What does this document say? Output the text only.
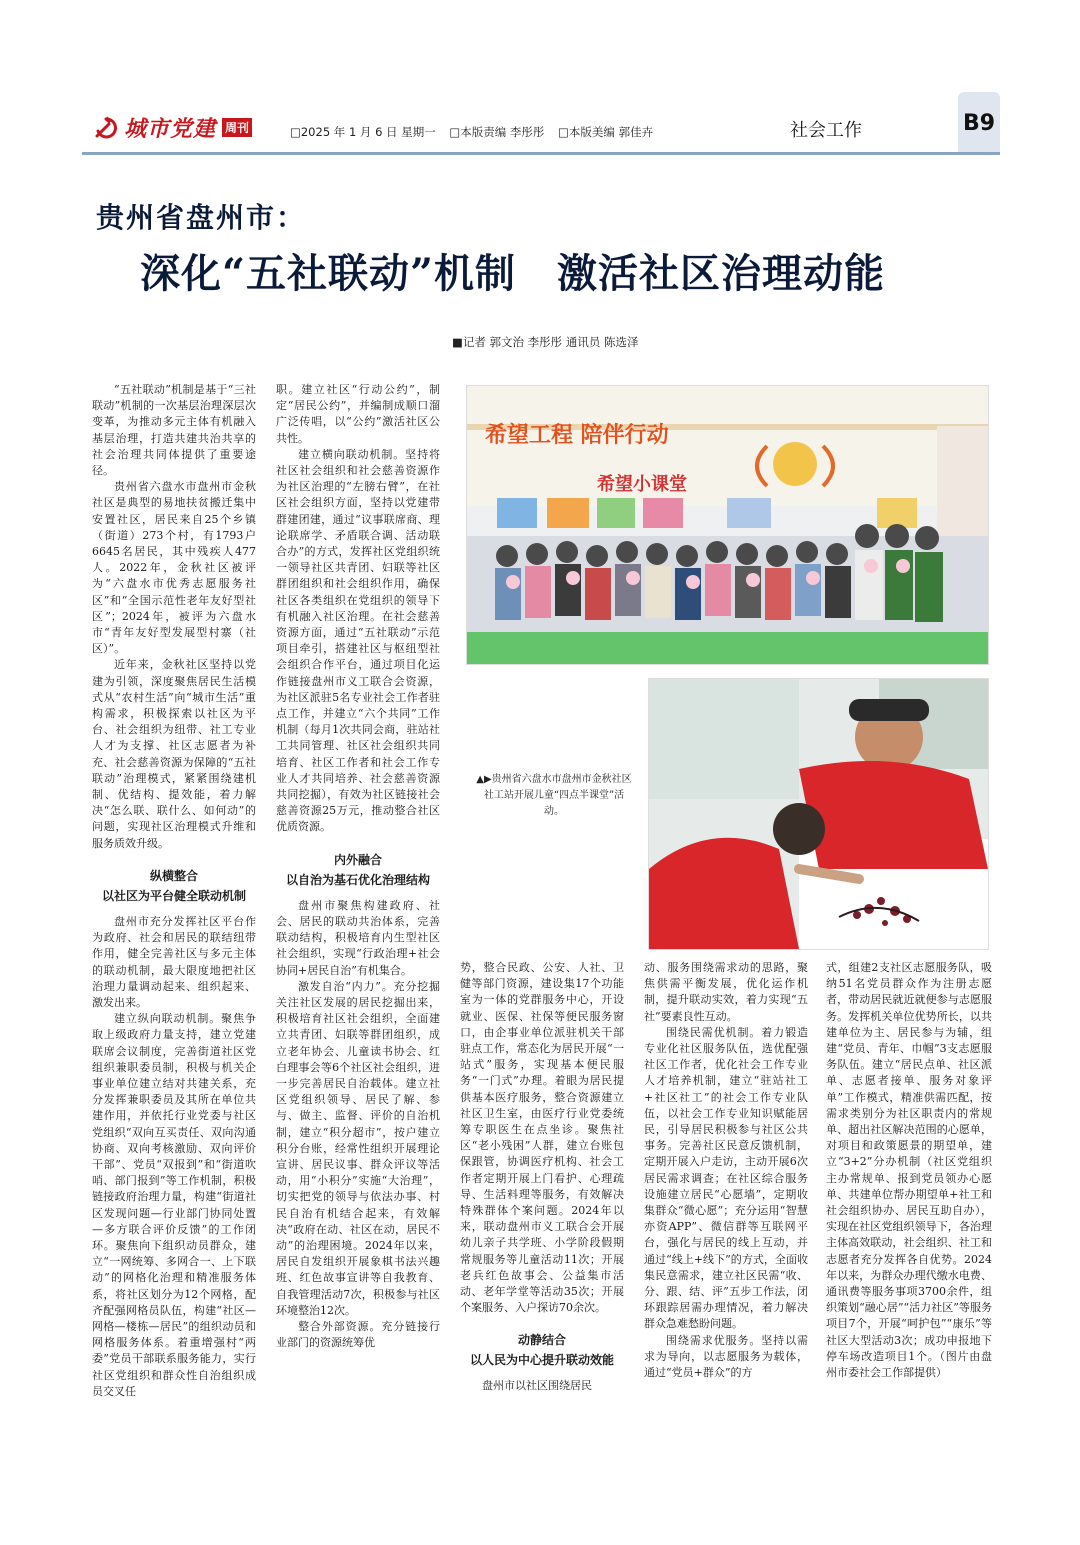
城市党建 周刊	□2025 年 1 月 6 日 星期一 □本版责编 李彤彤 □本版美编 郭佳卉	社会工作	B9
贵州省盘州市：
深化“五社联动”机制　激活社区治理动能
■记者 郭文治 李彤彤 通讯员 陈选泽

“五社联动”机制是基于“三社联动”机制的一次基层治理深层次变革，为推动多元主体有机融入基层治理，打造共建共治共享的社会治理共同体提供了重要途径。

贵州省六盘水市盘州市金秋社区是典型的易地扶贫搬迁集中安置社区，居民来自25个乡镇（街道）273个村，有1793户6645名居民，其中残疾人477人。2022年，金秋社区被评为“六盘水市优秀志愿服务社区”和“全国示范性老年友好型社区”；2024年，被评为六盘水市“青年友好型发展型村寨（社区）”。

近年来，金秋社区坚持以党建为引领，深度聚焦居民生活模式从“农村生活”向“城市生活”重构需求，积极探索以社区为平台、社会组织为纽带、社工专业人才为支撑、社区志愿者为补充、社会慈善资源为保障的“五社联动”治理模式，紧紧围绕建机制、优结构、提效能，着力解决“怎么联、联什么、如何动”的问题，实现社区治理模式升维和服务质效升级。

纵横整合
以社区为平台健全联动机制

盘州市充分发挥社区平台作为政府、社会和居民的联结纽带作用，健全完善社区与多元主体的联动机制，最大限度地把社区治理力量调动起来、组织起来、激发出来。

建立纵向联动机制。聚焦争取上级政府力量支持，建立党建联席会议制度，完善街道社区党组织兼职委员制，积极与机关企事业单位建立结对共建关系，充分发挥兼职委员及其所在单位共建作用，并依托行业党委与社区党组织“双向互买责任、双向沟通协商、双向考核激励、双向评价干部”、党员“双报到”和“街道吹哨、部门报到”等工作机制，积极链接政府治理力量，构建“街道社区发现问题—行业部门协同处置—多方联合评价反馈”的工作闭环。聚焦向下组织动员群众，建立“一网统筹、多网合一、上下联动”的网格化治理和精准服务体系，将社区划分为12个网格，配齐配强网格员队伍，构建“社区—网格—楼栋—居民”的组织动员和网格服务体系。着重增强村“两委”党员干部联系服务能力，实行社区党组织和群众性自治组织成员交叉任

职。建立社区“行动公约”，制定“居民公约”，并编制成顺口溜广泛传唱，以“公约”激活社区公共性。

建立横向联动机制。坚持将社区社会组织和社会慈善资源作为社区治理的“左膀右臂”，在社区社会组织方面，坚持以党建带群建团建，通过“议事联席商、理论联席学、矛盾联合调、活动联合办”的方式，发挥社区党组织统一领导社区共青团、妇联等社区群团组织和社会组织作用，确保社区各类组织在党组织的领导下有机融入社区治理。在社会慈善资源方面，通过“五社联动”示范项目牵引，搭建社区与枢纽型社会组织合作平台，通过项目化运作链接盘州市义工联合会资源，为社区派驻5名专业社会工作者驻点工作，并建立“六个共同”工作机制（每月1次共同会商，驻站社工共同管理、社区社会组织共同培育、社区工作者和社会工作专业人才共同培养、社会慈善资源共同挖掘），有效为社区链接社会慈善资源25万元，推动整合社区优质资源。

内外融合
以自治为基石优化治理结构

盘州市聚焦构建政府、社会、居民的联动共治体系，完善联动结构，积极培育内生型社区社会组织，实现“行政治理+社会协同+居民自治”有机集合。

激发自治“内力”。充分挖掘关注社区发展的居民挖掘出来，积极培育社区社会组织，全面建立共青团、妇联等群团组织，成立老年协会、儿童读书协会、红白理事会等6个社区社会组织，进一步完善居民自治载体。建立社区党组织领导、居民了解、参与、做主、监督、评价的自治机制，建立“积分超市”，按户建立积分台账，经常性组织开展理论宣讲、居民议事、群众评议等活动，用“小积分”实施“大治理”，切实把党的领导与依法办事、村民自治有机结合起来，有效解决“政府在动、社区在动，居民不动”的治理困境。2024年以来，居民自发组织开展象棋书法兴趣班、红色故事宣讲等自我教育、自我管理活动7次，积极参与社区环境整治12次。

整合外部资源。充分链接行业部门的资源统筹优

希望工程 陪伴行动
希望小课堂
▲▶贵州省六盘水市盘州市金秋社区社工站开展儿童“四点半课堂”活动。

势，整合民政、公安、人社、卫健等部门资源，建设集17个功能室为一体的党群服务中心，开设就业、医保、社保等便民服务窗口，由企事业单位派驻机关干部驻点工作，常态化为居民开展“一站式”服务，实现基本便民服务“一门式”办理。着眼为居民提供基本医疗服务，整合资源建立社区卫生室，由医疗行业党委统筹专职医生在点坐诊。聚焦社区“老小残困”人群，建立台账包保跟管，协调医疗机构、社会工作者定期开展上门看护、心理疏导、生活料理等服务，有效解决特殊群体个案问题。2024年以来，联动盘州市义工联合会开展幼儿亲子共学班、小学阶段假期常规服务等儿童活动11次；开展老兵红色故事会、公益集市活动、老年学堂等活动35次；开展个案服务、入户探访70余次。

动静结合
以人民为中心提升联动效能

盘州市以社区围绕居民

动、服务围绕需求动的思路，聚焦供需平衡发展，优化运作机制，提升联动实效，着力实现“五社”要素良性互动。

围绕民需优机制。着力锻造专业化社区服务队伍，选优配强社区工作者，优化社会工作专业人才培养机制，建立“驻站社工+社区社工”的社会工作专业队伍，以社会工作专业知识赋能居民，引导居民积极参与社区公共事务。完善社区民意反馈机制，定期开展入户走访，主动开展6次居民需求调查；在社区综合服务设施建立居民“心愿墙”，定期收集群众“微心愿”；充分运用“智慧亦资APP”、微信群等互联网平台，强化与居民的线上互动，并通过“线上+线下”的方式，全面收集民意需求，建立社区民需“收、分、跟、结、评”五步工作法，闭环跟踪居需办理情况，着力解决群众急难愁盼问题。

围绕需求优服务。坚持以需求为导向，以志愿服务为载体，通过“党员+群众”的方

式，组建2支社区志愿服务队，吸纳51名党员群众作为注册志愿者，带动居民就近就便参与志愿服务。发挥机关单位优势所长，以共建单位为主、居民参与为辅，组建“党员、青年、巾帼”3支志愿服务队伍。建立“居民点单、社区派单、志愿者接单、服务对象评单”工作模式，精准供需匹配，按需求类别分为社区职责内的常规单、超出社区解决范围的心愿单，对项目和政策愿景的期望单，建立“3+2”分办机制（社区党组织主办常规单、报到党员领办心愿单、共建单位帮办期望单+社工和社会组织协办、居民互助自办），实现在社区党组织领导下，各治理主体高效联动，社会组织、社工和志愿者充分发挥各自优势。2024年以来，为群众办理代缴水电费、通讯费等服务事项3700余件，组织策划“融心居”“活力社区”等服务项目7个，开展“呵护包”“康乐”等社区大型活动3次；成功申报地下停车场改造项目1个。（图片由盘州市委社会工作部提供）
